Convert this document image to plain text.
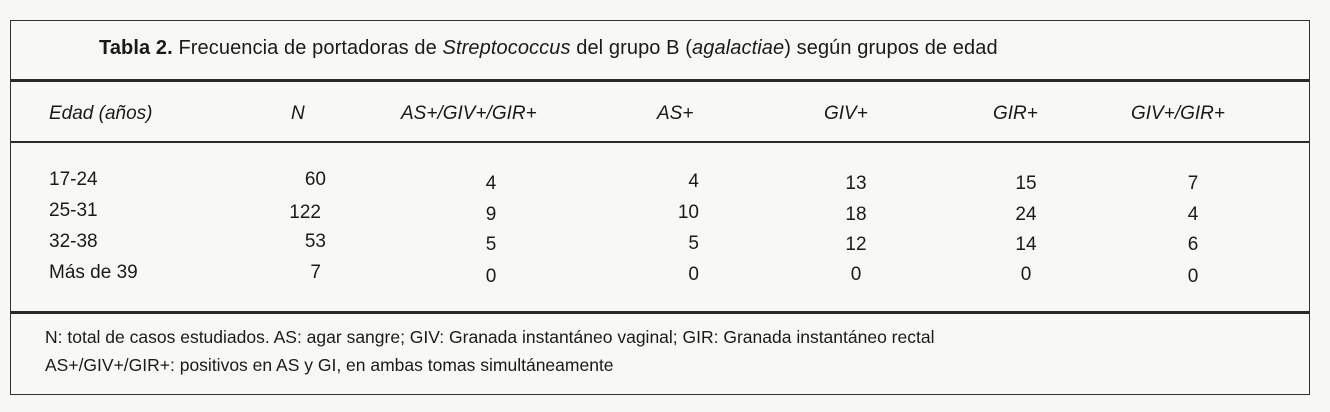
Tabla 2. Frecuencia de portadoras de Streptococcus del grupo B (agalactiae) según grupos de edad
Edad (años)	N	AS+/GIV+/GIR+	AS+	GIV+	GIR+	GIV+/GIR+
17-24	60	4	4	13	15	7
25-31	122	9	10	18	24	4
32-38	53	5	5	12	14	6
Más de 39	7	0	0	0	0	0
N: total de casos estudiados. AS: agar sangre; GIV: Granada instantáneo vaginal; GIR: Granada instantáneo rectal
AS+/GIV+/GIR+: positivos en AS y GI, en ambas tomas simultáneamente
